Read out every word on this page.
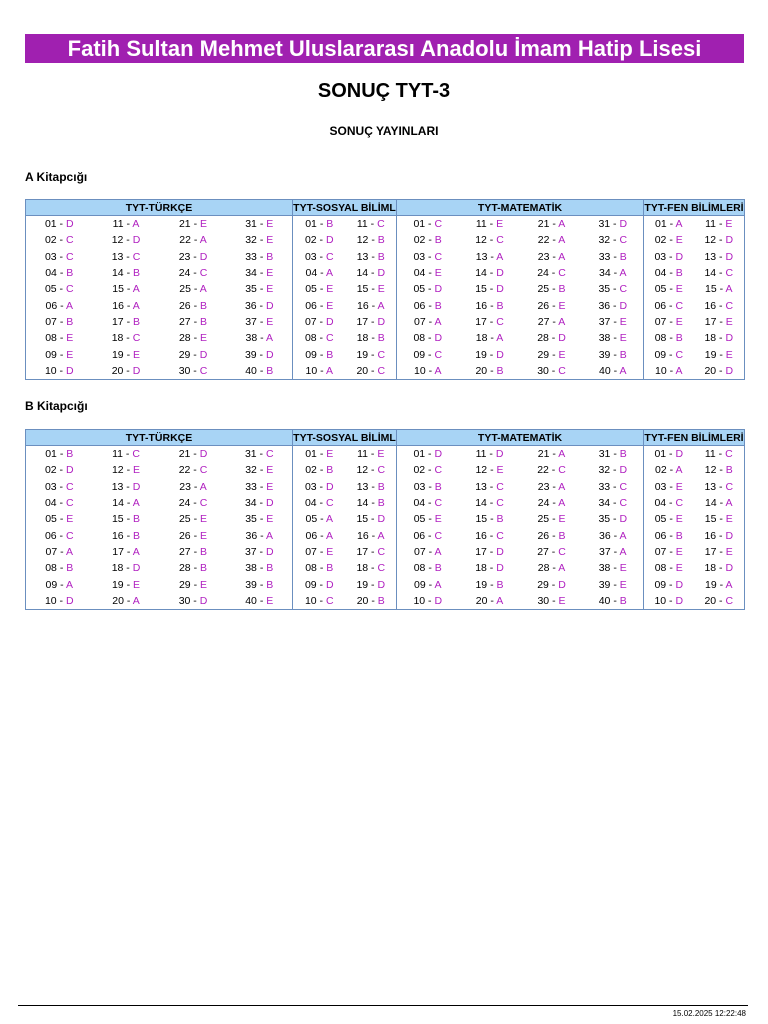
Fatih Sultan Mehmet Uluslararası Anadolu İmam Hatip Lisesi
SONUÇ TYT-3
SONUÇ YAYINLARI
A Kitapcığı
TYT-TÜRKÇE				TYT-SOSYAL BİLİML		TYT-MATEMATİK				TYT-FEN BİLİMLERİ	
01 - D	11 - A	21 - E	31 - E	01 - B	11 - C	01 - C	11 - E	21 - A	31 - D	01 - A	11 - E
02 - C	12 - D	22 - A	32 - E	02 - D	12 - B	02 - B	12 - C	22 - A	32 - C	02 - E	12 - D
03 - C	13 - C	23 - D	33 - B	03 - C	13 - B	03 - C	13 - A	23 - A	33 - B	03 - D	13 - D
04 - B	14 - B	24 - C	34 - E	04 - A	14 - D	04 - E	14 - D	24 - C	34 - A	04 - B	14 - C
05 - C	15 - A	25 - A	35 - E	05 - E	15 - E	05 - D	15 - D	25 - B	35 - C	05 - E	15 - A
06 - A	16 - A	26 - B	36 - D	06 - E	16 - A	06 - B	16 - B	26 - E	36 - D	06 - C	16 - C
07 - B	17 - B	27 - B	37 - E	07 - D	17 - D	07 - A	17 - C	27 - A	37 - E	07 - E	17 - E
08 - E	18 - C	28 - E	38 - A	08 - C	18 - B	08 - D	18 - A	28 - D	38 - E	08 - B	18 - D
09 - E	19 - E	29 - D	39 - D	09 - B	19 - C	09 - C	19 - D	29 - E	39 - B	09 - C	19 - E
10 - D	20 - D	30 - C	40 - B	10 - A	20 - C	10 - A	20 - B	30 - C	40 - A	10 - A	20 - D
B Kitapcığı
TYT-TÜRKÇE				TYT-SOSYAL BİLİML		TYT-MATEMATİK				TYT-FEN BİLİMLERİ	
01 - B	11 - C	21 - D	31 - C	01 - E	11 - E	01 - D	11 - D	21 - A	31 - B	01 - D	11 - C
02 - D	12 - E	22 - C	32 - E	02 - B	12 - C	02 - C	12 - E	22 - C	32 - D	02 - A	12 - B
03 - C	13 - D	23 - A	33 - E	03 - D	13 - B	03 - B	13 - C	23 - A	33 - C	03 - E	13 - C
04 - C	14 - A	24 - C	34 - D	04 - C	14 - B	04 - C	14 - C	24 - A	34 - C	04 - C	14 - A
05 - E	15 - B	25 - E	35 - E	05 - A	15 - D	05 - E	15 - B	25 - E	35 - D	05 - E	15 - E
06 - C	16 - B	26 - E	36 - A	06 - A	16 - A	06 - C	16 - C	26 - B	36 - A	06 - B	16 - D
07 - A	17 - A	27 - B	37 - D	07 - E	17 - C	07 - A	17 - D	27 - C	37 - A	07 - E	17 - E
08 - B	18 - D	28 - B	38 - B	08 - B	18 - C	08 - B	18 - D	28 - A	38 - E	08 - E	18 - D
09 - A	19 - E	29 - E	39 - B	09 - D	19 - D	09 - A	19 - B	29 - D	39 - E	09 - D	19 - A
10 - D	20 - A	30 - D	40 - E	10 - C	20 - B	10 - D	20 - A	30 - E	40 - B	10 - D	20 - C
15.02.2025 12:22:48
